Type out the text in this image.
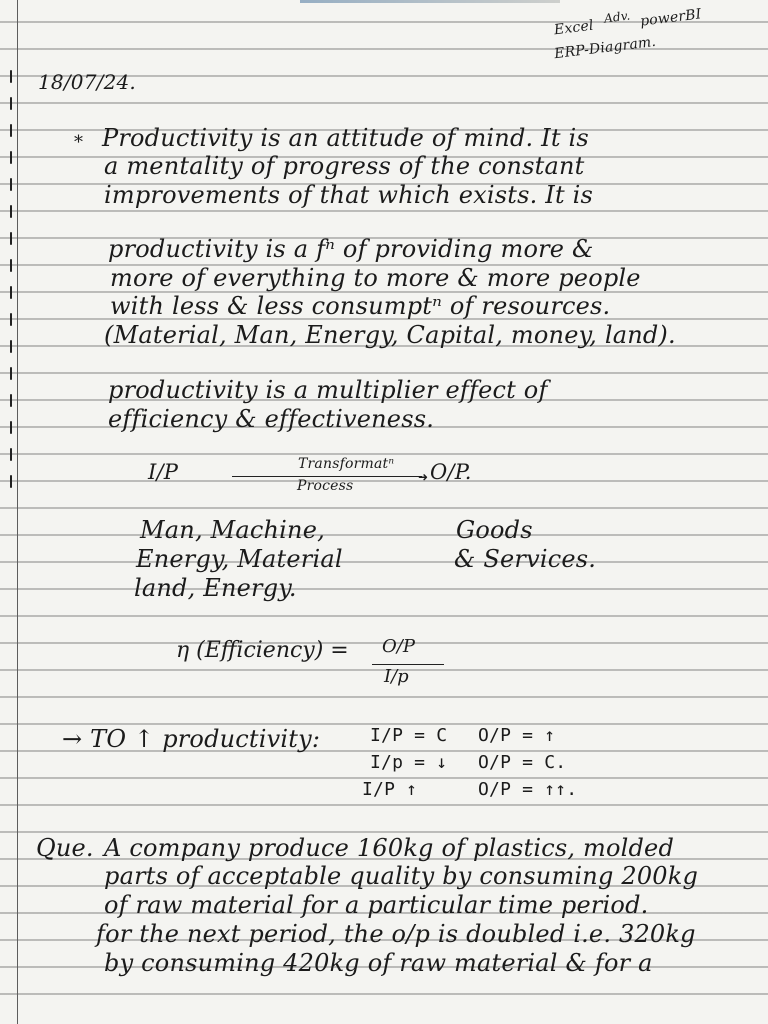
Excel
Adv. powerBI
ERP-Diagram.
18/07/24.
* Productivity is an attitude of mind. It is
a mentality of progress of the constant
improvements of that which exists. It is
productivity is a fⁿ of providing more &
more of everything to more & more people
with less & less consumptⁿ of resources.
(Material, Man, Energy, Capital, money, land).
productivity is a multiplier effect of
efficiency & effectiveness.
I/P	Transformatⁿ
➜
Process
O/P.
Man, Machine,
Energy, Material
land, Energy.
Goods
& Services.
η (Efficiency) = O/P
I/p
→ TO ↑ productivity:	I/P = C O/P = ↑
I/p = ↓ O/P = C.
I/P ↑	O/P = ↑↑.
Que. A company produce 160kg of plastics, molded
parts of acceptable quality by consuming 200kg
of raw material for a particular time period.
for the next period, the o/p is doubled i.e. 320kg
by consuming 420kg of raw material & for a
